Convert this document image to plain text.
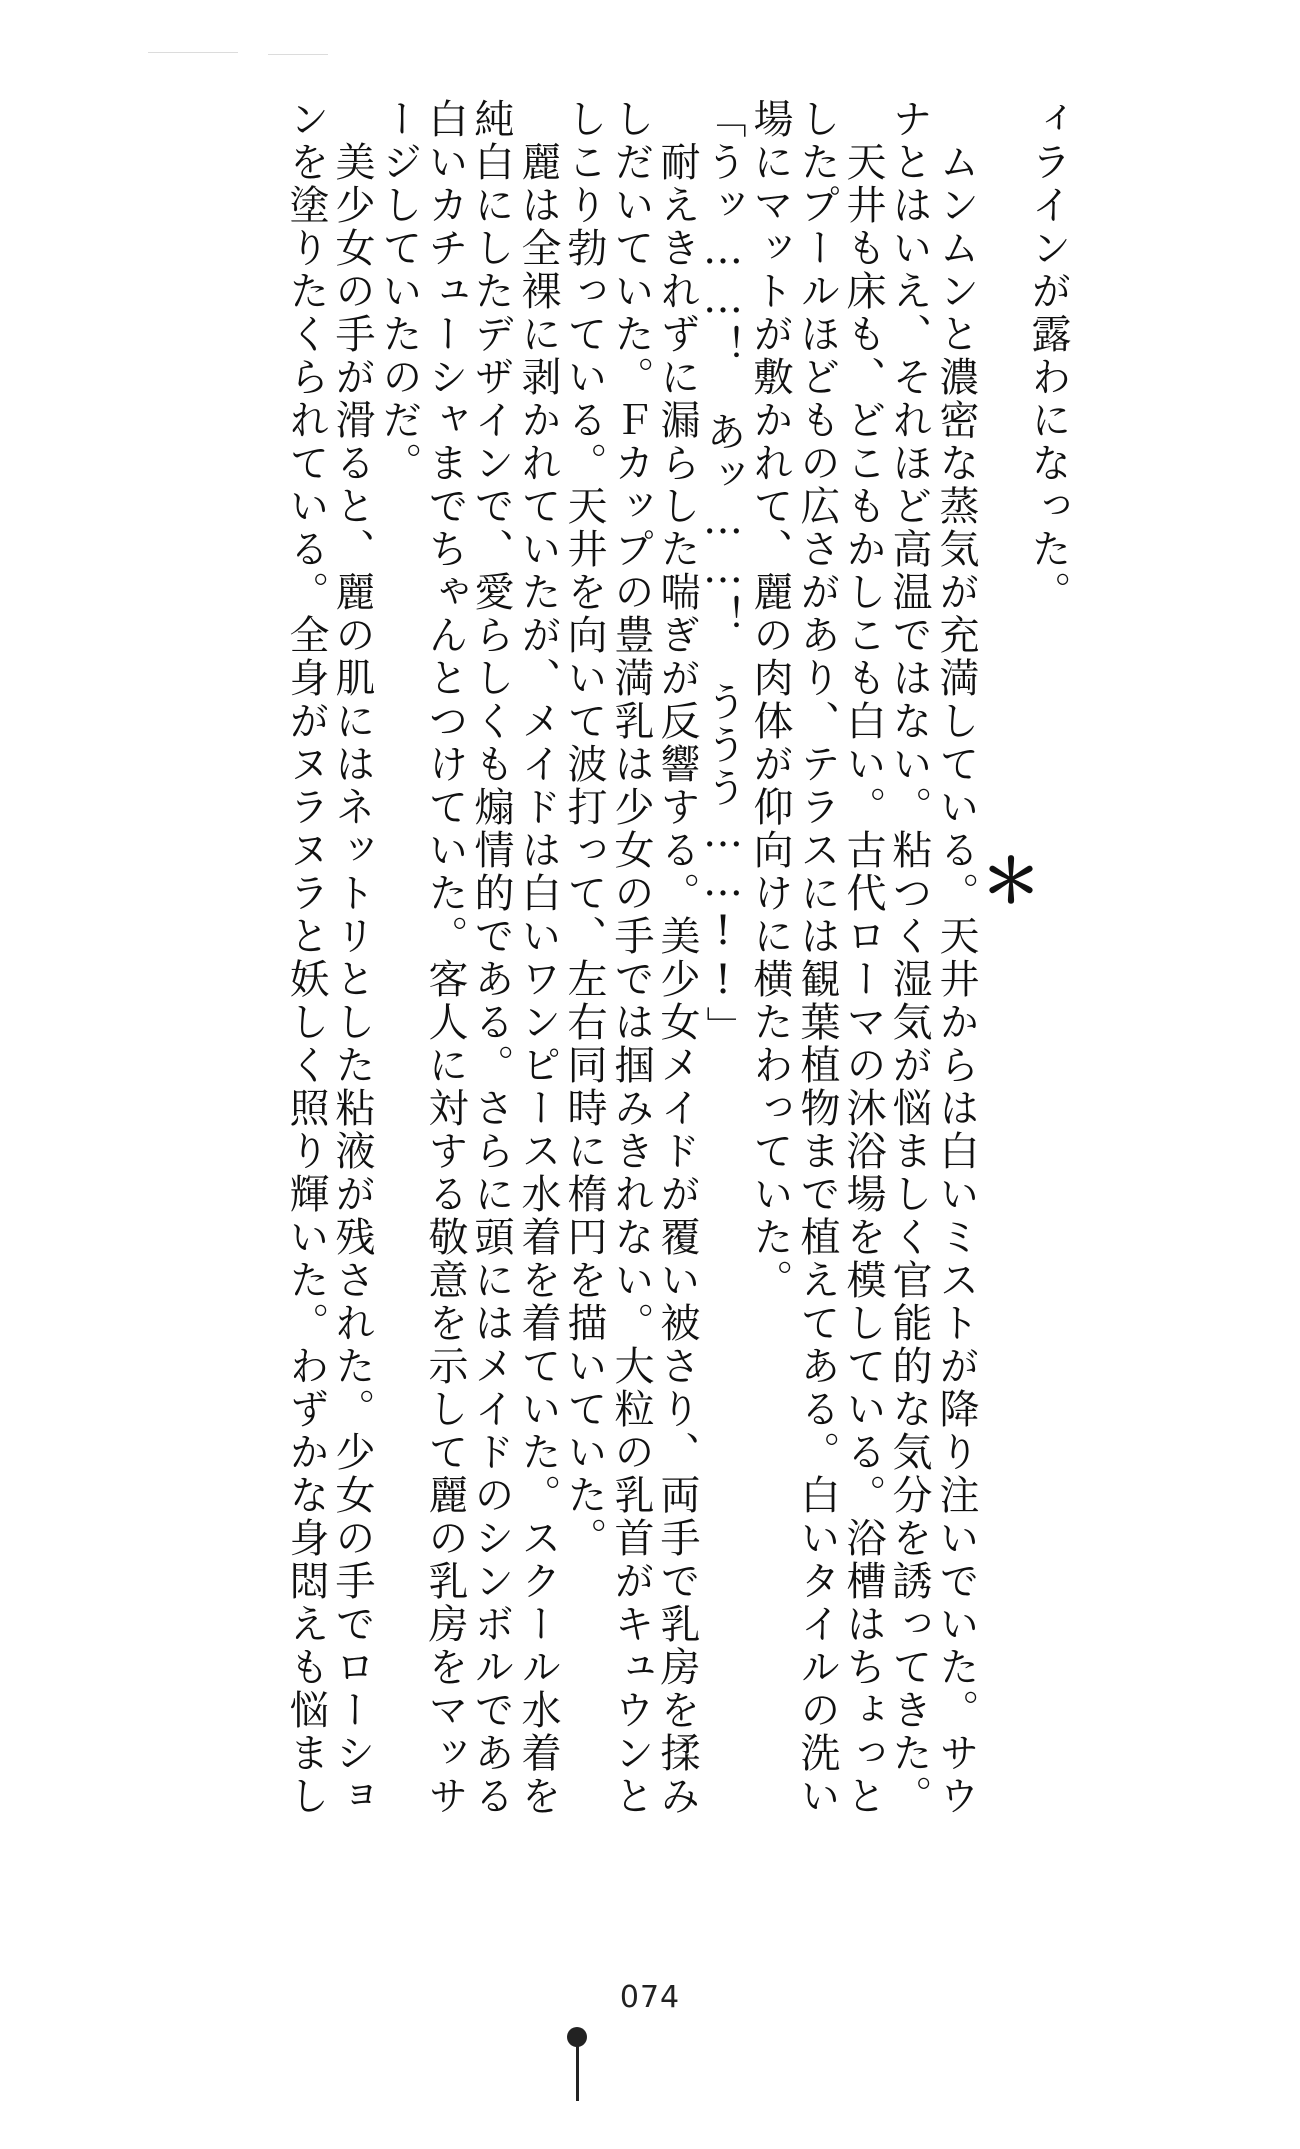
ィラインが露わになった。
　ムンムンと濃密な蒸気が充満している。天井からは白いミストが降り注いでいた。サウ
ナとはいえ、それほど高温ではない。粘つく湿気が悩ましく官能的な気分を誘ってきた。
　天井も床も、どこもかしこも白い。古代ローマの沐浴場を模している。浴槽はちょっと
したプールほどもの広さがあり、テラスには観葉植物まで植えてある。白いタイルの洗い
場にマットが敷かれて、麗の肉体が仰向けに横たわっていた。
「うッ……！　あッ……！　ううう……!!」
　耐えきれずに漏らした喘ぎが反響する。美少女メイドが覆い被さり、両手で乳房を揉み
しだいていた。Ｆカップの豊満乳は少女の手では掴みきれない。大粒の乳首がキュウンと
しこり勃っている。天井を向いて波打って、左右同時に楕円を描いていた。
　麗は全裸に剥かれていたが、メイドは白いワンピース水着を着ていた。スクール水着を
純白にしたデザインで、愛らしくも煽情的である。さらに頭にはメイドのシンボルである
白いカチューシャまでちゃんとつけていた。客人に対する敬意を示して麗の乳房をマッサ
ージしていたのだ。
　美少女の手が滑ると、麗の肌にはネットリとした粘液が残された。少女の手でローショ
ンを塗りたくられている。全身がヌラヌラと妖しく照り輝いた。わずかな身悶えも悩まし	＊
074
